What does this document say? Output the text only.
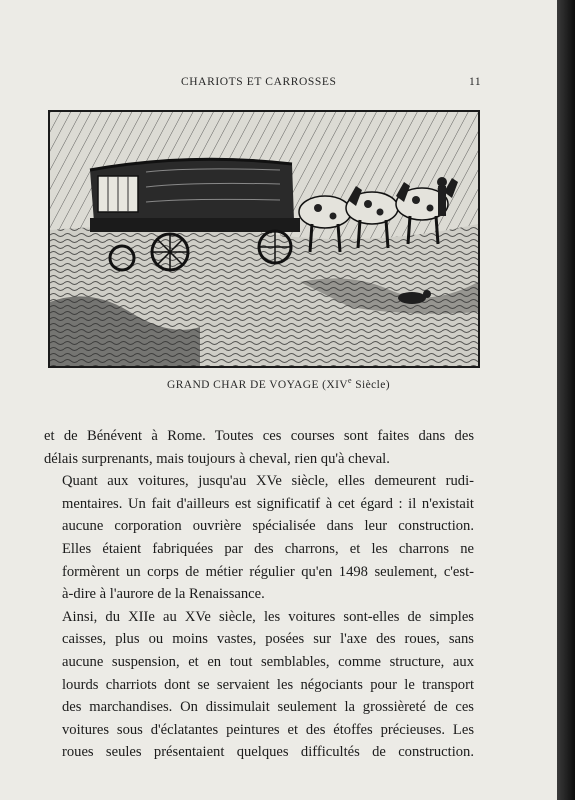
CHARIOTS ET CARROSSES	11
GRAND CHAR DE VOYAGE (XIVe Siècle)

et de Bénévent à Rome. Toutes ces courses sont faites dans des
délais surprenants, mais toujours à cheval, rien qu'à cheval.

Quant aux voitures, jusqu'au XVe siècle, elles demeurent rudi-
mentaires. Un fait d'ailleurs est significatif à cet égard : il n'existait
aucune corporation ouvrière spécialisée dans leur construction.
Elles étaient fabriquées par des charrons, et les charrons ne
formèrent un corps de métier régulier qu'en 1498 seulement, c'est-
à-dire à l'aurore de la Renaissance.

Ainsi, du XIIe au XVe siècle, les voitures sont-elles de simples
caisses, plus ou moins vastes, posées sur l'axe des roues, sans
aucune suspension, et en tout semblables, comme structure, aux
lourds charriots dont se servaient les négociants pour le transport
des marchandises. On dissimulait seulement la grossièreté de ces
voitures sous d'éclatantes peintures et des étoffes précieuses. Les
roues seules présentaient quelques difficultés de construction.
